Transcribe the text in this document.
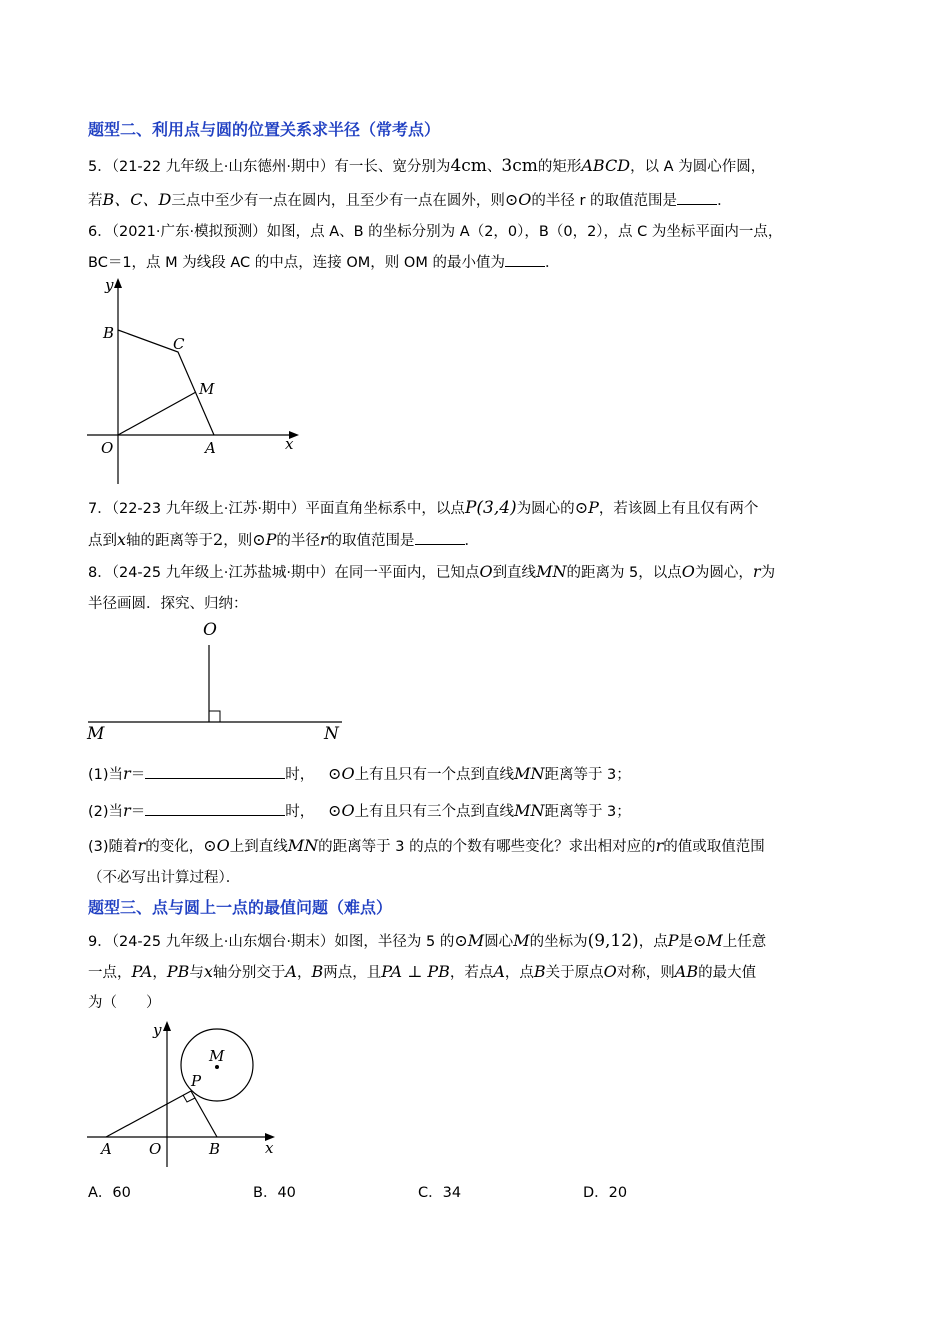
题型二、利用点与圆的位置关系求半径（常考点）
5．（21-22 九年级上·山东德州·期中）有一长、宽分别为4cm、3cm的矩形ABCD，以 A 为圆心作圆，
若B、C、D三点中至少有一点在圆内，且至少有一点在圆外，则⊙O的半径 r 的取值范围是	．
6．（2021·广东·模拟预测）如图，点 A、B 的坐标分别为 A（2，0），B（0，2），点 C 为坐标平面内一点，
BC＝1，点 M 为线段 AC 的中点，连接 OM，则 OM 的最小值为	．
y
x
B
C
M
O	A
7．（22-23 九年级上·江苏·期中）平面直角坐标系中，以点P(3,4)为圆心的⊙P，若该圆上有且仅有两个
点到x轴的距离等于2，则⊙P的半径r的取值范围是	．
8．（24-25 九年级上·江苏盐城·期中）在同一平面内，已知点O到直线MN的距离为 5，以点O为圆心，r为
半径画圆．探究、归纳：
O
M	N
(1)当r＝	时， ⊙O上有且只有一个点到直线MN距离等于 3；
(2)当r＝	时， ⊙O上有且只有三个点到直线MN距离等于 3；
(3)随着r的变化，⊙O上到直线MN的距离等于 3 的点的个数有哪些变化？求出相对应的r的值或取值范围
（不必写出计算过程）．
题型三、点与圆上一点的最值问题（难点）
9．（24-25 九年级上·山东烟台·期末）如图，半径为 5 的⊙M圆心M的坐标为(9,12)，点P是⊙M上任意
一点，PA，PB与x轴分别交于A，B两点，且PA ⊥ PB，若点A，点B关于原点O对称，则AB的最大值
为（　　）
y
x
M
P
A O	B
A．60	B．40	C．34	D．20
